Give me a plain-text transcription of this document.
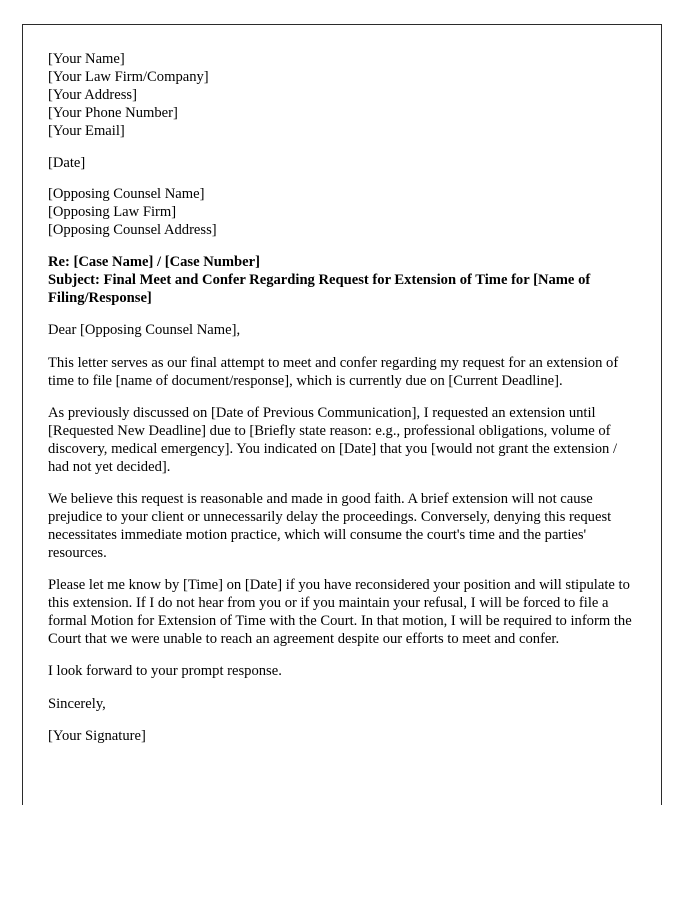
[Your Name]

[Your Law Firm/Company]

[Your Address]

[Your Phone Number]

[Your Email]

[Date]

[Opposing Counsel Name]

[Opposing Law Firm]

[Opposing Counsel Address]

Re: [Case Name] / [Case Number]

Subject: Final Meet and Confer Regarding Request for Extension of Time for [Name of Filing/Response]

Dear [Opposing Counsel Name],

This letter serves as our final attempt to meet and confer regarding my request for an extension of time to file [name of document/response], which is currently due on [Current Deadline].

As previously discussed on [Date of Previous Communication], I requested an extension until [Requested New Deadline] due to [Briefly state reason: e.g., professional obligations, volume of discovery, medical emergency]. You indicated on [Date] that you [would not grant the extension / had not yet decided].

We believe this request is reasonable and made in good faith. A brief extension will not cause prejudice to your client or unnecessarily delay the proceedings. Conversely, denying this request necessitates immediate motion practice, which will consume the court's time and the parties' resources.

Please let me know by [Time] on [Date] if you have reconsidered your position and will stipulate to this extension. If I do not hear from you or if you maintain your refusal, I will be forced to file a formal Motion for Extension of Time with the Court. In that motion, I will be required to inform the Court that we were unable to reach an agreement despite our efforts to meet and confer.

I look forward to your prompt response.

Sincerely,

[Your Signature]
